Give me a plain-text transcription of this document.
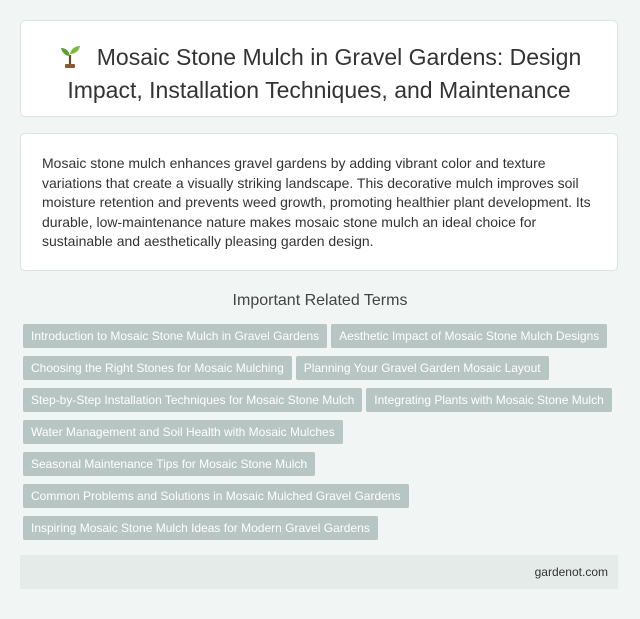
Mosaic Stone Mulch in Gravel Gardens: Design
Impact, Installation Techniques, and Maintenance

Mosaic stone mulch enhances gravel gardens by adding vibrant color and texture variations that create a visually striking landscape. This decorative mulch improves soil moisture retention and prevents weed growth, promoting healthier plant development. Its durable, low-maintenance nature makes mosaic stone mulch an ideal choice for sustainable and aesthetically pleasing garden design.

Important Related Terms
Introduction to Mosaic Stone Mulch in Gravel Gardens Aesthetic Impact of Mosaic Stone Mulch Designs
Choosing the Right Stones for Mosaic Mulching Planning Your Gravel Garden Mosaic Layout
Step-by-Step Installation Techniques for Mosaic Stone Mulch Integrating Plants with Mosaic Stone Mulch
Water Management and Soil Health with Mosaic Mulches
Seasonal Maintenance Tips for Mosaic Stone Mulch
Common Problems and Solutions in Mosaic Mulched Gravel Gardens
Inspiring Mosaic Stone Mulch Ideas for Modern Gravel Gardens
gardenot.com
